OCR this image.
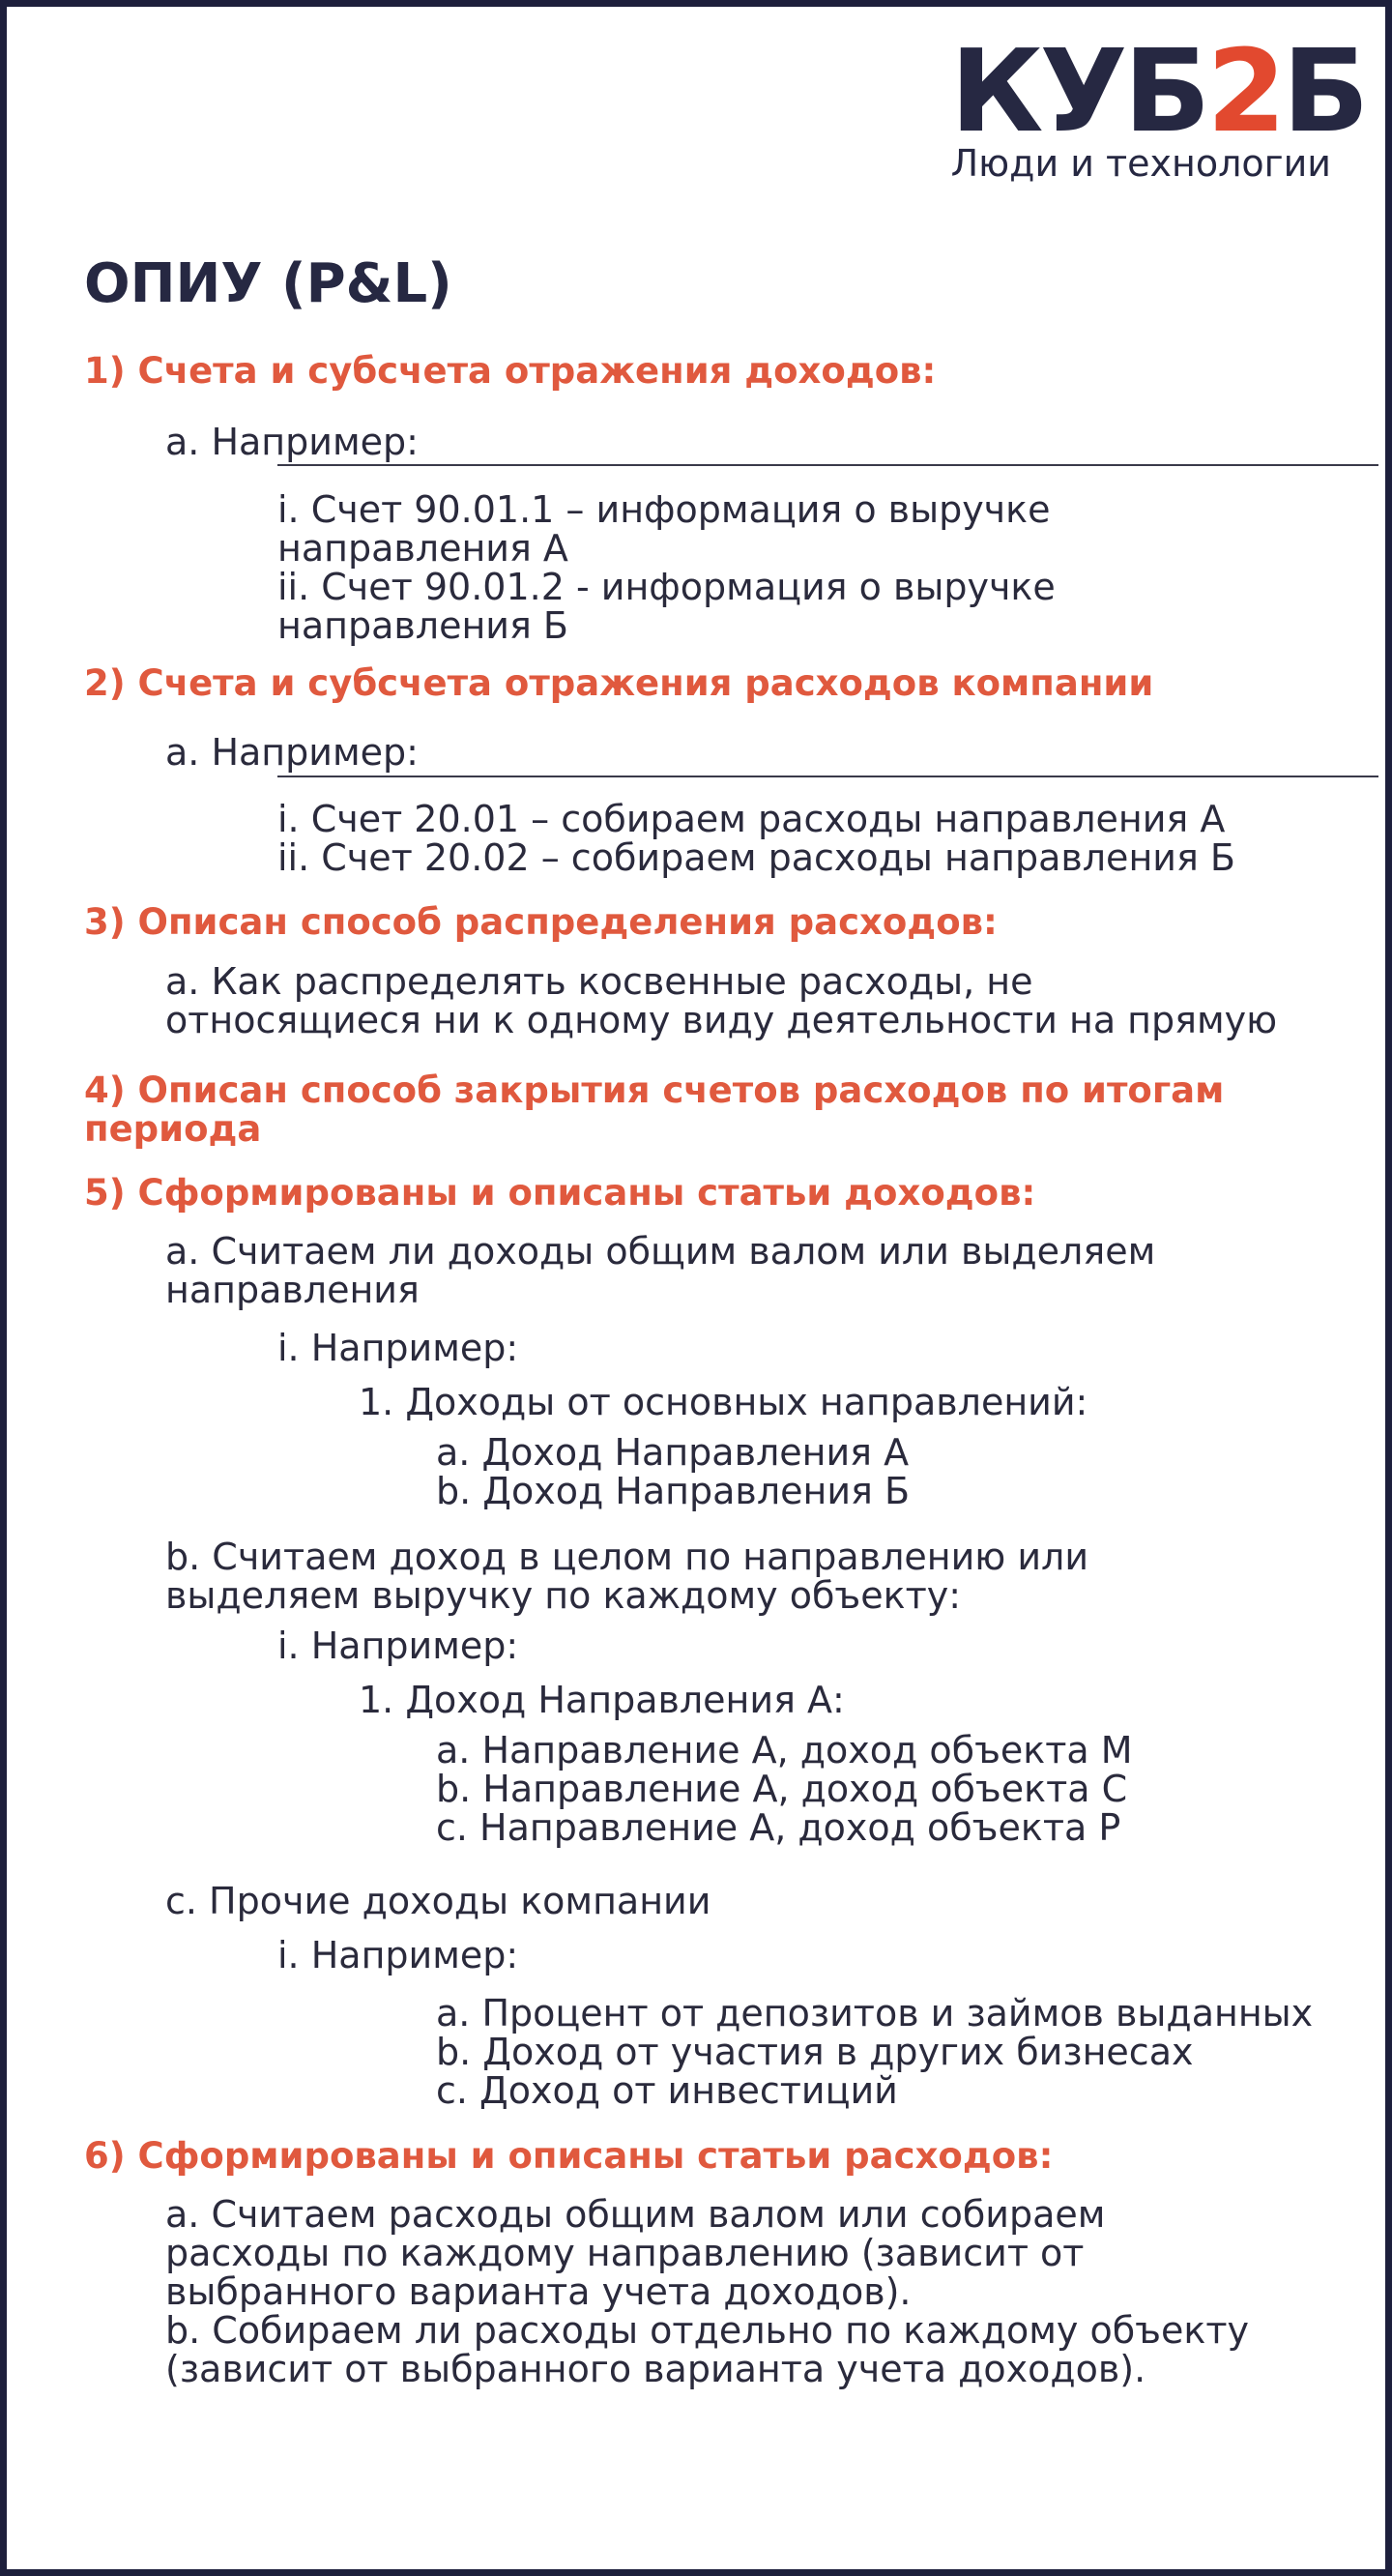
КУБ2Б
Люди и технологии
ОПИУ (P&L)
1) Счета и субсчета отражения доходов:
a. Например:
i. Счет 90.01.1 – информация о выручке
направления А
ii. Счет 90.01.2 - информация о выручке
направления Б
2) Счета и субсчета отражения расходов компании
a. Например:
i. Счет 20.01 – собираем расходы направления А
ii. Счет 20.02 – собираем расходы направления Б
3) Описан способ распределения расходов:
a. Как распределять косвенные расходы, не
относящиеся ни к одному виду деятельности на прямую
4) Описан способ закрытия счетов расходов по итогам
периода
5) Сформированы и описаны статьи доходов:
a. Считаем ли доходы общим валом или выделяем
направления
i. Например:
1. Доходы от основных направлений:
a. Доход Направления А
b. Доход Направления Б
b. Считаем доход в целом по направлению или
выделяем выручку по каждому объекту:
i. Например:
1. Доход Направления А:
a. Направление А, доход объекта М
b. Направление А, доход объекта С
c. Направление А, доход объекта Р
c. Прочие доходы компании
i. Например:
a. Процент от депозитов и займов выданных
b. Доход от участия в других бизнесах
c. Доход от инвестиций
6) Сформированы и описаны статьи расходов:
a. Считаем расходы общим валом или собираем
расходы по каждому направлению (зависит от
выбранного варианта учета доходов).
b. Собираем ли расходы отдельно по каждому объекту
(зависит от выбранного варианта учета доходов).
